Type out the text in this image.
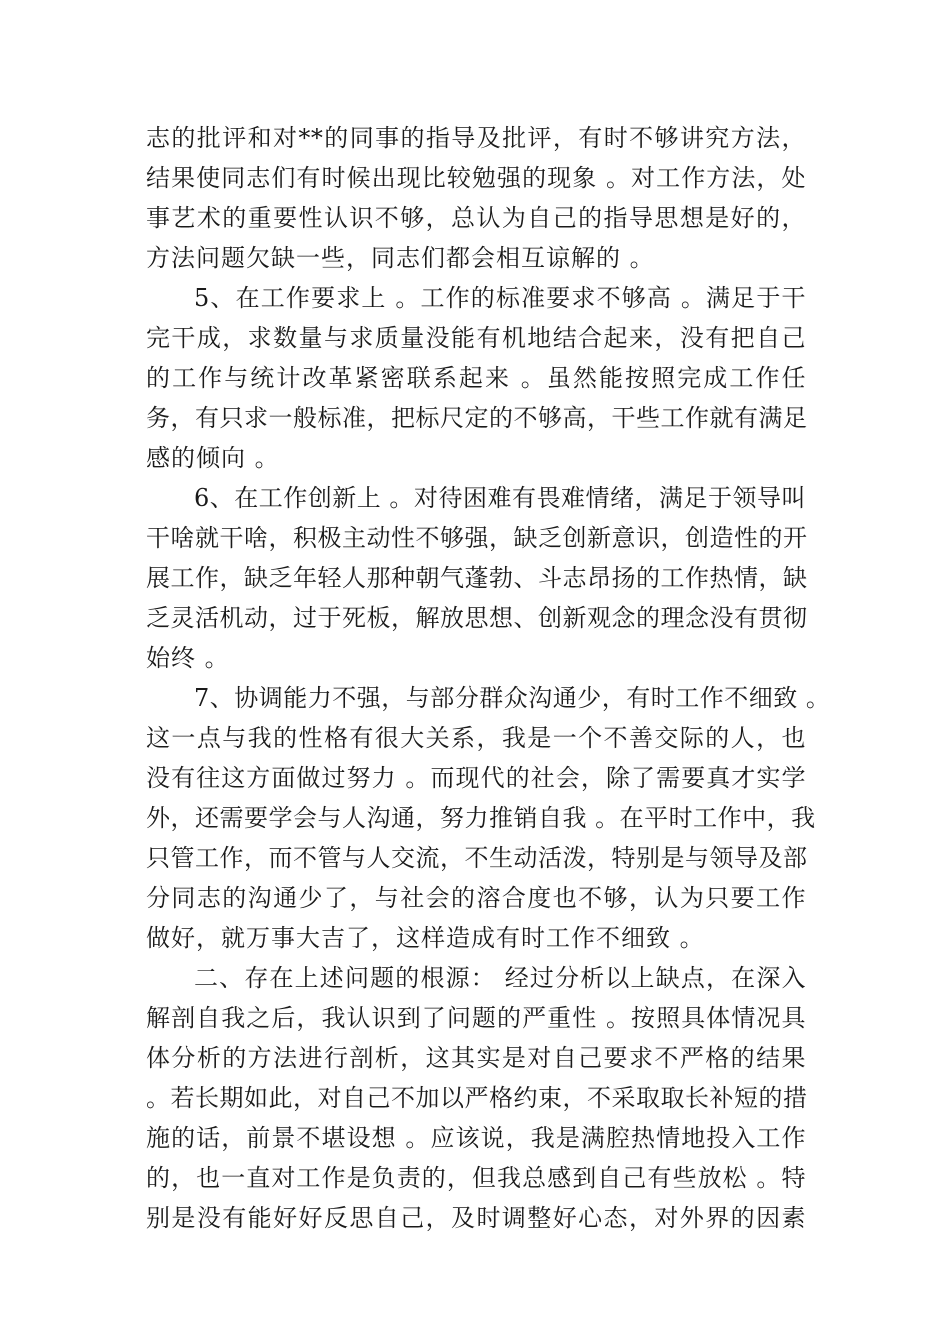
志的批评和对**的同事的指导及批评，有时不够讲究方法，
结果使同志们有时候出现比较勉强的现象 。对工作方法，处
事艺术的重要性认识不够，总认为自己的指导思想是好的，
方法问题欠缺一些，同志们都会相互谅解的 。
5、在工作要求上 。工作的标准要求不够高 。满足于干
完干成，求数量与求质量没能有机地结合起来，没有把自己
的工作与统计改革紧密联系起来 。虽然能按照完成工作任
务，有只求一般标准，把标尺定的不够高，干些工作就有满足
感的倾向 。
6、在工作创新上 。对待困难有畏难情绪，满足于领导叫
干啥就干啥，积极主动性不够强，缺乏创新意识，创造性的开
展工作，缺乏年轻人那种朝气蓬勃、斗志昂扬的工作热情，缺
乏灵活机动，过于死板，解放思想、创新观念的理念没有贯彻
始终 。
7、协调能力不强，与部分群众沟通少，有时工作不细致 。
这一点与我的性格有很大关系，我是一个不善交际的人，也
没有往这方面做过努力 。而现代的社会，除了需要真才实学
外，还需要学会与人沟通，努力推销自我 。在平时工作中，我
只管工作，而不管与人交流，不生动活泼，特别是与领导及部
分同志的沟通少了，与社会的溶合度也不够，认为只要工作
做好，就万事大吉了，这样造成有时工作不细致 。
二、存在上述问题的根源： 经过分析以上缺点，在深入
解剖自我之后，我认识到了问题的严重性 。按照具体情况具
体分析的方法进行剖析，这其实是对自己要求不严格的结果
。若长期如此，对自己不加以严格约束，不采取取长补短的措
施的话，前景不堪设想 。应该说，我是满腔热情地投入工作
的，也一直对工作是负责的，但我总感到自己有些放松 。特
别是没有能好好反思自己，及时调整好心态，对外界的因素
